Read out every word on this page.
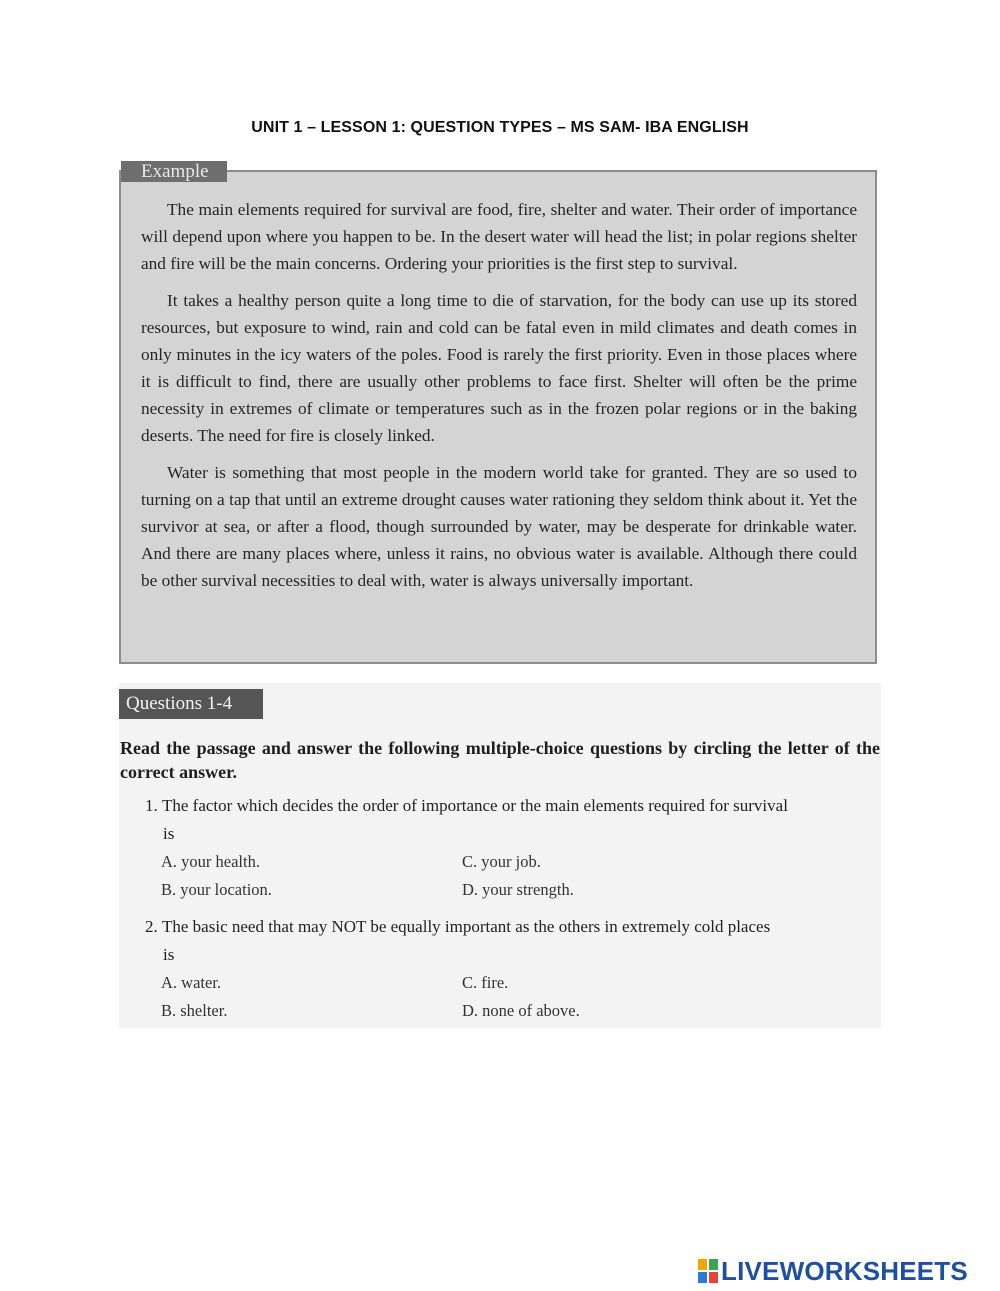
UNIT 1 – LESSON 1: QUESTION TYPES – MS SAM- IBA ENGLISH

The main elements required for survival are food, fire, shelter and water. Their order of importance will depend upon where you happen to be. In the desert water will head the list; in polar regions shelter and fire will be the main concerns. Ordering your priorities is the first step to survival.

It takes a healthy person quite a long time to die of starvation, for the body can use up its stored resources, but exposure to wind, rain and cold can be fatal even in mild climates and death comes in only minutes in the icy waters of the poles. Food is rarely the first priority. Even in those places where it is difficult to find, there are usually other problems to face first. Shelter will often be the prime necessity in extremes of climate or temperatures such as in the frozen polar regions or in the baking deserts. The need for fire is closely linked.

Water is something that most people in the modern world take for granted. They are so used to turning on a tap that until an extreme drought causes water rationing they seldom think about it. Yet the survivor at sea, or after a flood, though surrounded by water, may be desperate for drinkable water. And there are many places where, unless it rains, no obvious water is available. Although there could be other survival necessities to deal with, water is always universally important.

Example
Questions 1-4
Read the passage and answer the following multiple-choice questions by circling the letter of the correct answer.
1. The factor which decides the order of importance or the main elements required for survival
is
A. your health.
B. your location.
C. your job.
D. your strength.
2. The basic need that may NOT be equally important as the others in extremely cold places
is
A. water.
B. shelter.
C. fire.
D. none of above.
LIVEWORKSHEETS
